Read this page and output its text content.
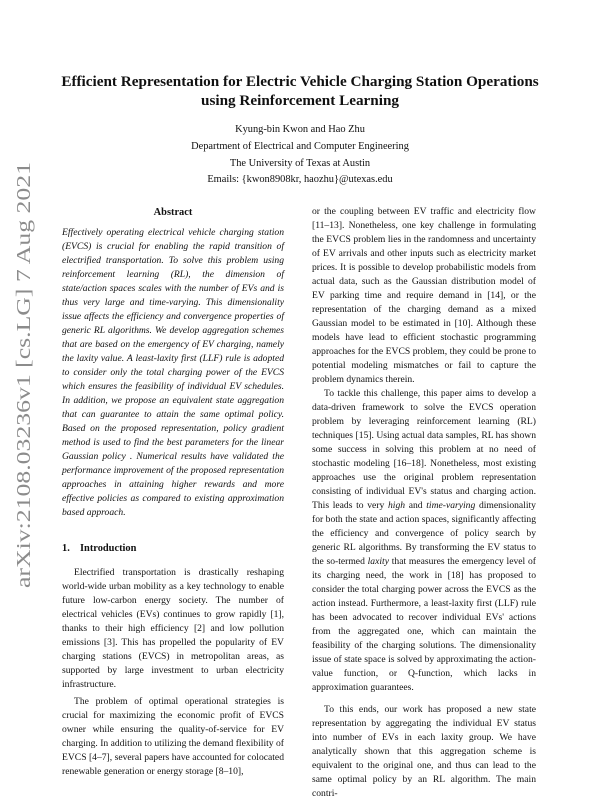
arXiv:2108.03236v1 [cs.LG] 7 Aug 2021
Efficient Representation for Electric Vehicle Charging Station Operations
using Reinforcement Learning
Kyung-bin Kwon and Hao Zhu
Department of Electrical and Computer Engineering
The University of Texas at Austin
Emails: {kwon8908kr, haozhu}@utexas.edu
Abstract

Effectively operating electrical vehicle charging station (EVCS) is crucial for enabling the rapid transition of electrified transportation. To solve this problem using reinforcement learning (RL), the dimension of state/action spaces scales with the number of EVs and is thus very large and time-varying. This dimensionality issue affects the efficiency and convergence properties of generic RL algorithms. We develop aggregation schemes that are based on the emergency of EV charging, namely the laxity value. A least-laxity first (LLF) rule is adopted to consider only the total charging power of the EVCS which ensures the feasibility of individual EV schedules. In addition, we propose an equivalent state aggregation that can guarantee to attain the same optimal policy. Based on the proposed representation, policy gradient method is used to find the best parameters for the linear Gaussian policy . Numerical results have validated the performance improvement of the proposed representation approaches in attaining higher rewards and more effective policies as compared to existing approximation based approach.

1. Introduction

Electrified transportation is drastically reshaping world-wide urban mobility as a key technology to enable future low-carbon energy society. The number of electrical vehicles (EVs) continues to grow rapidly [1], thanks to their high efficiency [2] and low pollution emissions [3]. This has propelled the popularity of EV charging stations (EVCS) in metropolitan areas, as supported by large investment to urban electricity infrastructure.

The problem of optimal operational strategies is crucial for maximizing the economic profit of EVCS owner while ensuring the quality-of-service for EV charging. In addition to utilizing the demand flexibility of EVCS [4–7], several papers have accounted for colocated renewable generation or energy storage [8–10],

or the coupling between EV traffic and electricity flow [11–13]. Nonetheless, one key challenge in formulating the EVCS problem lies in the randomness and uncertainty of EV arrivals and other inputs such as electricity market prices. It is possible to develop probabilistic models from actual data, such as the Gaussian distribution model of EV parking time and require demand in [14], or the representation of the charging demand as a mixed Gaussian model to be estimated in [10]. Although these models have lead to efficient stochastic programming approaches for the EVCS problem, they could be prone to potential modeling mismatches or fail to capture the problem dynamics therein.

To tackle this challenge, this paper aims to develop a data-driven framework to solve the EVCS operation problem by leveraging reinforcement learning (RL) techniques [15]. Using actual data samples, RL has shown some success in solving this problem at no need of stochastic modeling [16–18]. Nonetheless, most existing approaches use the original problem representation consisting of individual EV's status and charging action. This leads to very high and time-varying dimensionality for both the state and action spaces, significantly affecting the efficiency and convergence of policy search by generic RL algorithms. By transforming the EV status to the so-termed laxity that measures the emergency level of its charging need, the work in [18] has proposed to consider the total charging power across the EVCS as the action instead. Furthermore, a least-laxity first (LLF) rule has been advocated to recover individual EVs' actions from the aggregated one, which can maintain the feasibility of the charging solutions. The dimensionality issue of state space is solved by approximating the action-value function, or Q-function, which lacks in approximation guarantees.

To this ends, our work has proposed a new state representation by aggregating the individual EV status into number of EVs in each laxity group. We have analytically shown that this aggregation scheme is equivalent to the original one, and thus can lead to the same optimal policy by an RL algorithm. The main contri-
